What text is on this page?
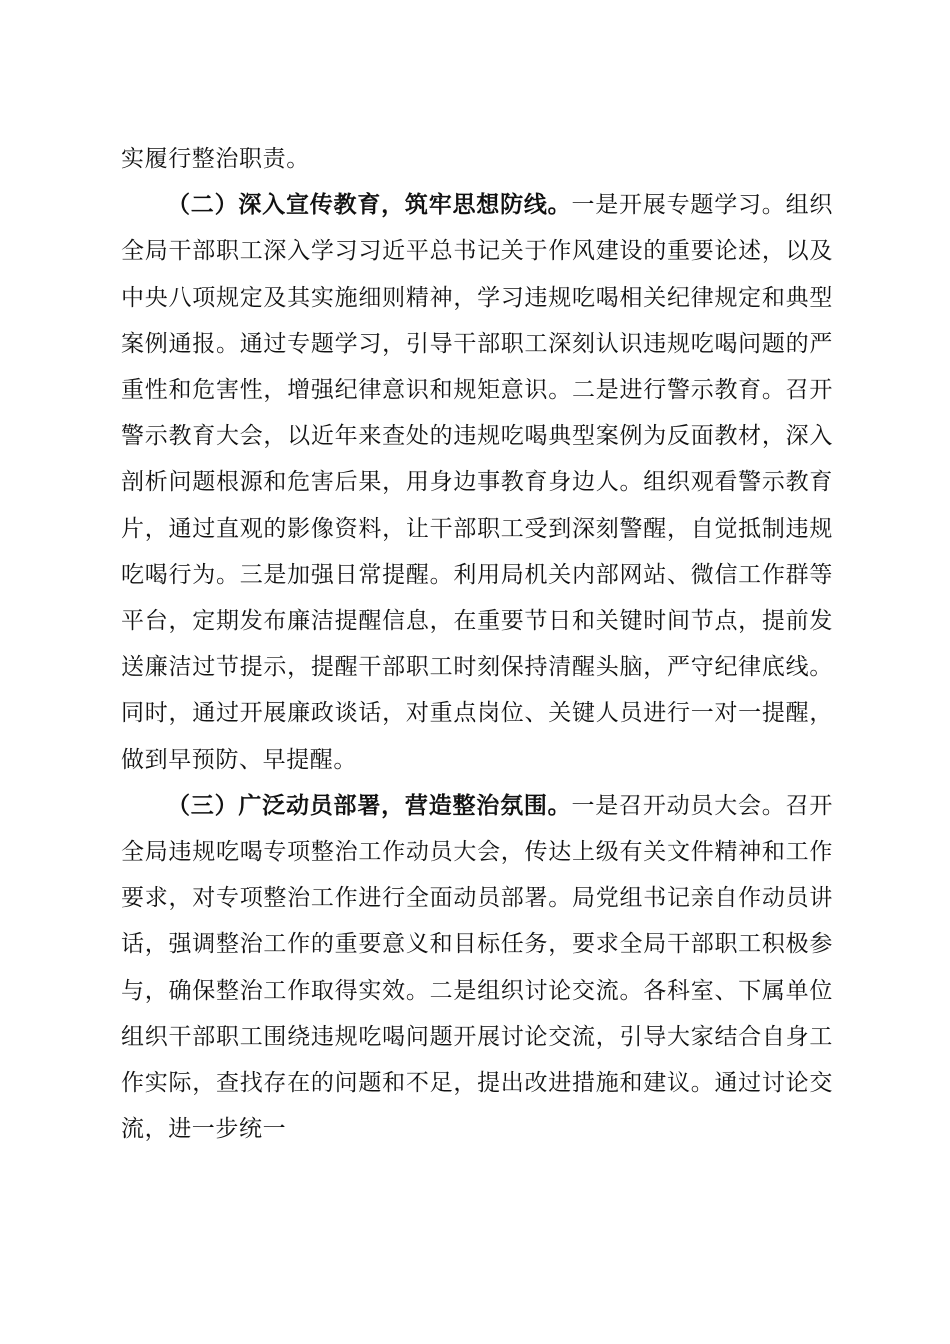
实履行整治职责。

（二）深入宣传教育，筑牢思想防线。一是开展专题学习。组织全局干部职工深入学习习近平总书记关于作风建设的重要论述，以及中央八项规定及其实施细则精神，学习违规吃喝相关纪律规定和典型案例通报。通过专题学习，引导干部职工深刻认识违规吃喝问题的严重性和危害性，增强纪律意识和规矩意识。二是进行警示教育。召开警示教育大会，以近年来查处的违规吃喝典型案例为反面教材，深入剖析问题根源和危害后果，用身边事教育身边人。组织观看警示教育片，通过直观的影像资料，让干部职工受到深刻警醒，自觉抵制违规吃喝行为。三是加强日常提醒。利用局机关内部网站、微信工作群等平台，定期发布廉洁提醒信息，在重要节日和关键时间节点，提前发送廉洁过节提示，提醒干部职工时刻保持清醒头脑，严守纪律底线。同时，通过开展廉政谈话，对重点岗位、关键人员进行一对一提醒，做到早预防、早提醒。

（三）广泛动员部署，营造整治氛围。一是召开动员大会。召开全局违规吃喝专项整治工作动员大会，传达上级有关文件精神和工作要求，对专项整治工作进行全面动员部署。局党组书记亲自作动员讲话，强调整治工作的重要意义和目标任务，要求全局干部职工积极参与，确保整治工作取得实效。二是组织讨论交流。各科室、下属单位组织干部职工围绕违规吃喝问题开展讨论交流，引导大家结合自身工作实际，查找存在的问题和不足，提出改进措施和建议。通过讨论交流，进一步统一
